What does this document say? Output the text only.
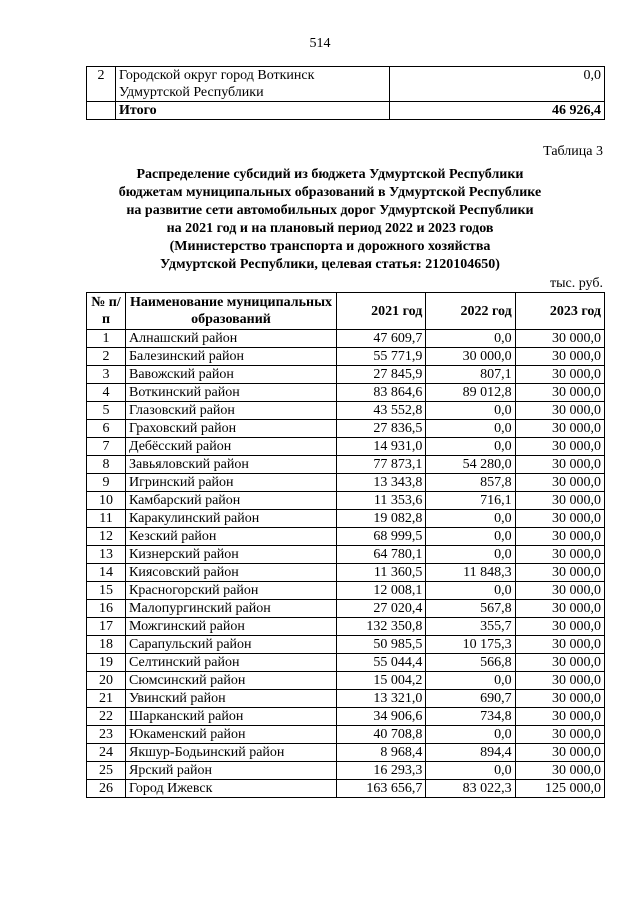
514
2	Городской округ город Воткинск Удмуртской Республики	0,0
	Итого	46 926,4
Таблица 3
Распределение субсидий из бюджета Удмуртской Республики
бюджетам муниципальных образований в Удмуртской Республике
на развитие сети автомобильных дорог Удмуртской Республики
на 2021 год и на плановый период 2022 и 2023 годов
(Министерство транспорта и дорожного хозяйства
Удмуртской Республики, целевая статья: 2120104650)
тыс. руб.
№ п/п	Наименование муниципальных образований	2021 год	2022 год	2023 год
1	Алнашский район	47 609,7	0,0	30 000,0
2	Балезинский район	55 771,9	30 000,0	30 000,0
3	Вавожский район	27 845,9	807,1	30 000,0
4	Воткинский район	83 864,6	89 012,8	30 000,0
5	Глазовский район	43 552,8	0,0	30 000,0
6	Граховский район	27 836,5	0,0	30 000,0
7	Дебёсский район	14 931,0	0,0	30 000,0
8	Завьяловский район	77 873,1	54 280,0	30 000,0
9	Игринский район	13 343,8	857,8	30 000,0
10	Камбарский район	11 353,6	716,1	30 000,0
11	Каракулинский район	19 082,8	0,0	30 000,0
12	Кезский район	68 999,5	0,0	30 000,0
13	Кизнерский район	64 780,1	0,0	30 000,0
14	Киясовский район	11 360,5	11 848,3	30 000,0
15	Красногорский район	12 008,1	0,0	30 000,0
16	Малопургинский район	27 020,4	567,8	30 000,0
17	Можгинский район	132 350,8	355,7	30 000,0
18	Сарапульский район	50 985,5	10 175,3	30 000,0
19	Селтинский район	55 044,4	566,8	30 000,0
20	Сюмсинский район	15 004,2	0,0	30 000,0
21	Увинский район	13 321,0	690,7	30 000,0
22	Шарканский район	34 906,6	734,8	30 000,0
23	Юкаменский район	40 708,8	0,0	30 000,0
24	Якшур-Бодьинский район	8 968,4	894,4	30 000,0
25	Ярский район	16 293,3	0,0	30 000,0
26	Город Ижевск	163 656,7	83 022,3	125 000,0
